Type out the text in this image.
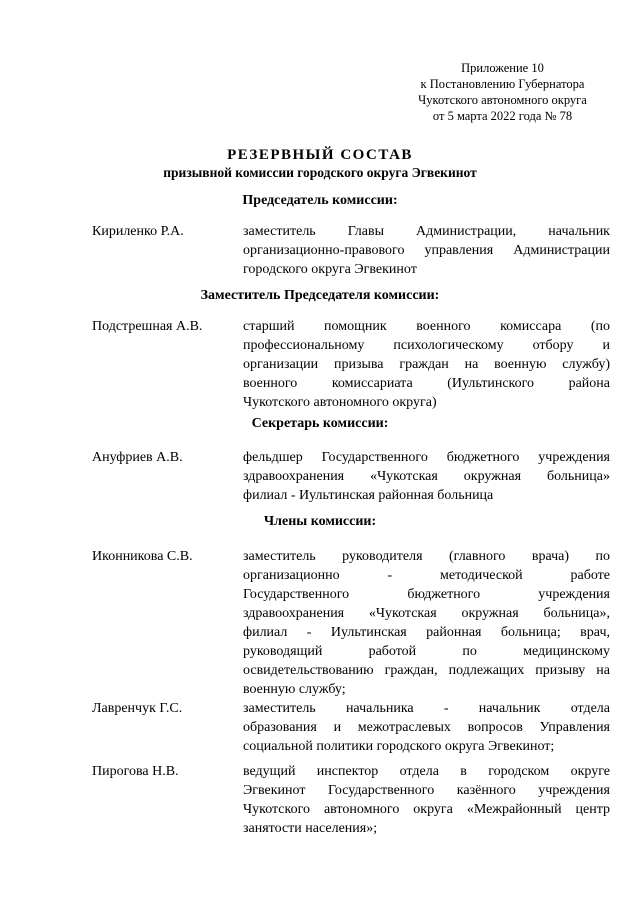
Приложение 10
к Постановлению Губернатора
Чукотского автономного округа
от 5 марта 2022 года № 78
РЕЗЕРВНЫЙ СОСТАВ
призывной комиссии городского округа Эгвекинот
Председатель комиссии:
Кириленко Р.А.	заместитель Главы Администрации, начальник
организационно-правового управления Администрации
городского округа Эгвекинот
Заместитель Председателя комиссии:
Подстрешная А.В.	старший помощник военного комиссара (по
профессиональному психологическому отбору и
организации призыва граждан на военную службу)
военного комиссариата (Иультинского района
Чукотского автономного округа)
Секретарь комиссии:
Ануфриев А.В.	фельдшер Государственного бюджетного учреждения
здравоохранения «Чукотская окружная больница»
филиал - Иультинская районная больница
Члены комиссии:
Иконникова С.В.	заместитель руководителя (главного врача) по
организационно - методической работе
Государственного бюджетного учреждения
здравоохранения «Чукотская окружная больница»,
филиал - Иультинская районная больница; врач,
руководящий работой по медицинскому
освидетельствованию граждан, подлежащих призыву на
военную службу;
Лавренчук Г.С.	заместитель начальника - начальник отдела
образования и межотраслевых вопросов Управления
социальной политики городского округа Эгвекинот;
Пирогова Н.В.	ведущий инспектор отдела в городском округе
Эгвекинот Государственного казённого учреждения
Чукотского автономного округа «Межрайонный центр
занятости населения»;
